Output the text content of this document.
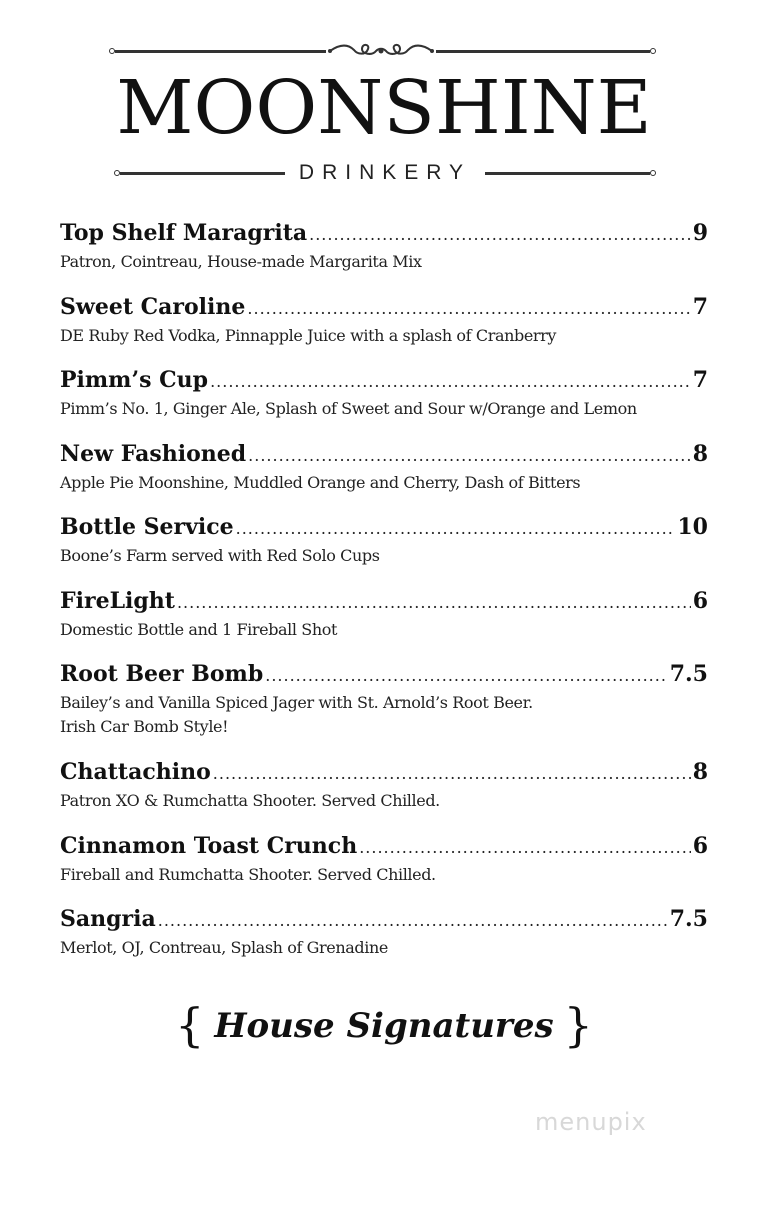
MOONSHINE
DRINKERY
Top Shelf Maragrita .....	9
Patron, Cointreau, House-made Margarita Mix
Sweet Caroline .....	7
DE Ruby Red Vodka, Pinnapple Juice with a splash of Cranberry
Pimm’s Cup .....	7
Pimm’s No. 1, Ginger Ale, Splash of Sweet and Sour w/Orange and Lemon
New Fashioned .....	8
Apple Pie Moonshine, Muddled Orange and Cherry, Dash of Bitters
Bottle Service .....	10
Boone’s Farm served with Red Solo Cups
FireLight .....	6
Domestic Bottle and 1 Fireball Shot
Root Beer Bomb .....	7.5
Bailey’s and Vanilla Spiced Jager with St. Arnold’s Root Beer.
Irish Car Bomb Style!
Chattachino .....	8
Patron XO & Rumchatta Shooter. Served Chilled.
Cinnamon Toast Crunch .....	6
Fireball and Rumchatta Shooter. Served Chilled.
Sangria .....	7.5
Merlot, OJ, Contreau, Splash of Grenadine
{ House Signatures }
menupix
